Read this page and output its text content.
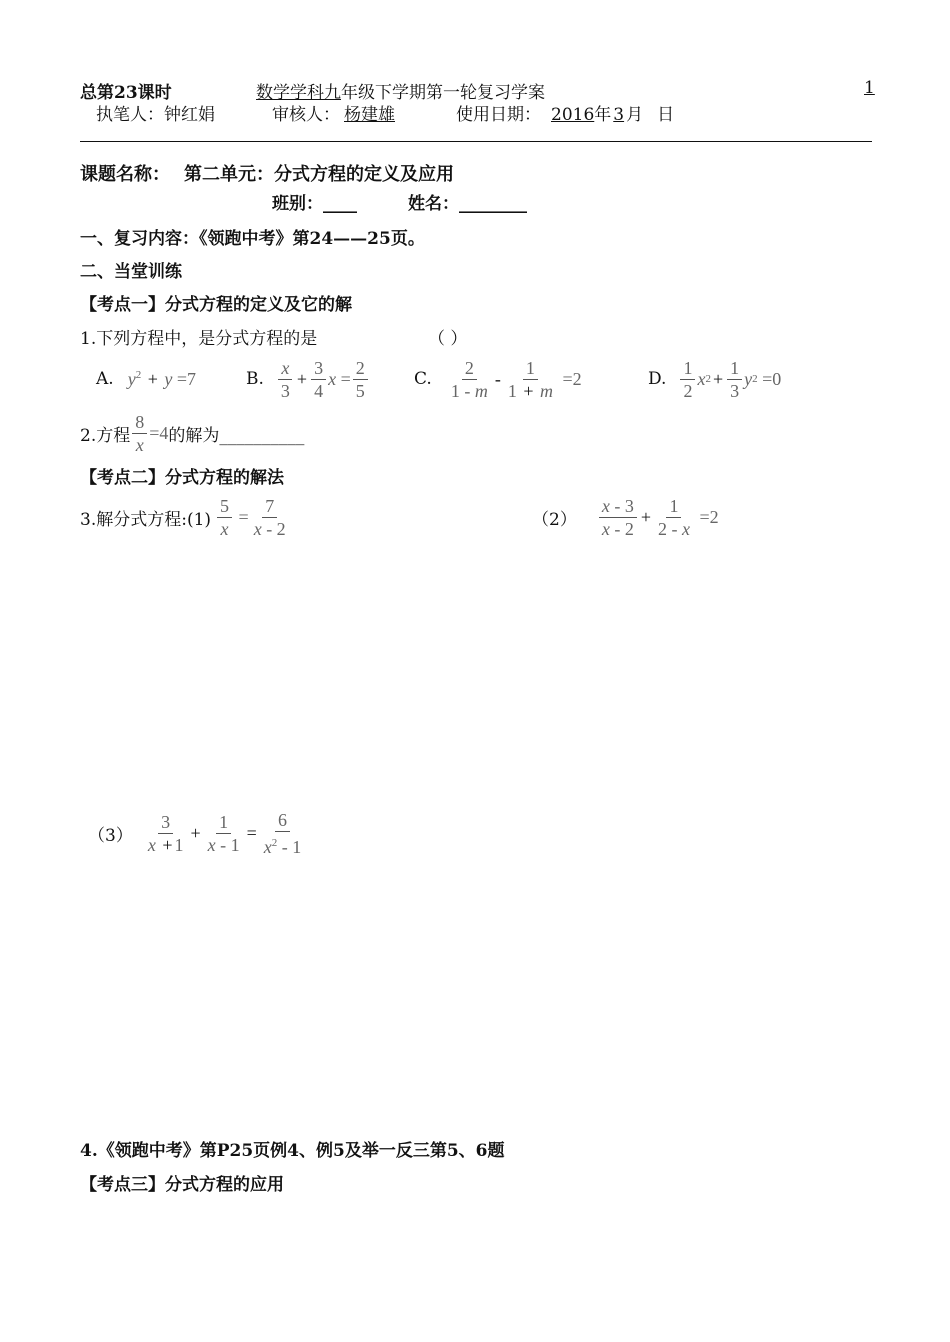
总第23课时	数学学科九年级下学期第一轮复习学案	1
执笔人：钟红娟	审核人： 杨建雄	使用日期： 2016年 3 月 日
课题名称： 第二单元：分式方程的定义及应用
班别：____	姓名：________
一、复习内容：《领跑中考》第24——25页。
二、当堂训练
【考点一】分式方程的定义及它的解
1.下列方程中，是分式方程的是	（ ）
A. $y^2 + y =7$	B. $\frac{x}{3} + \frac{3}{4}$ $x = \frac{2}{5}$	C. $\frac{2}{1 - m} - \frac{1}{1 + m} =2$	D. $\frac{1}{2}$ x $2 + \frac{1}{3}$ y 2 =0
2.方程 $\frac{8}{x} =4$ 的解为__________
【考点二】分式方程的解法
3.解分式方程:(1) $\frac{5}{x} = \frac{7}{x - 2}$	$(2) \frac{x - 3}{x - 2} + \frac{1}{2 - x} =2$
$(3) \frac{3}{x + 1} + \frac{1}{x - 1} = \frac{6}{x^2 - 1}$
4.《领跑中考》第P25页例4、例5及举一反三第5、6题
【考点三】分式方程的应用
